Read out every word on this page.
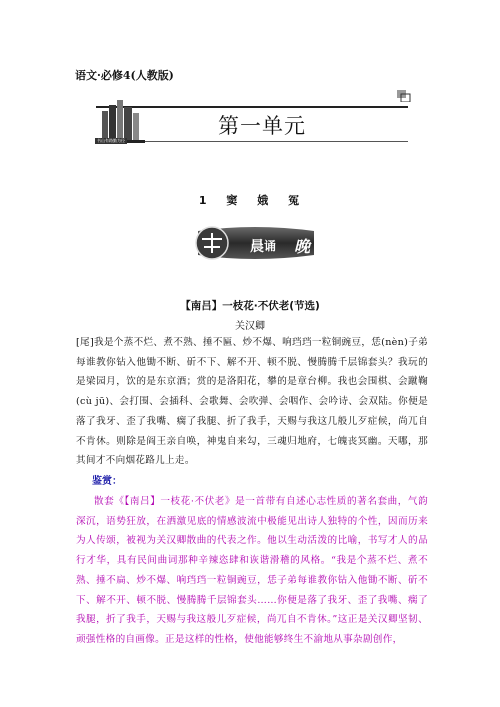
语文·必修4(人教版)
书山有路勤为径
第一单元
1 窦 娥 冤
晨 诵 晚读
【南吕】一枝花·不伏老(节选)
关汉卿
[尾]我是个蒸不烂、煮不熟、捶不匾、炒不爆、响珰珰一粒铜豌豆，恁(nèn)子弟每谁教你钻入他锄不断、斫不下、解不开、顿不脱、慢腾腾千层锦套头？我玩的是梁园月，饮的是东京酒；赏的是洛阳花，攀的是章台柳。我也会围棋、会蹴鞠(cù jū)、会打围、会插科、会歌舞、会吹弹、会咽作、会吟诗、会双陆。你便是落了我牙、歪了我嘴、瘸了我腿、折了我手，天赐与我这几般儿歹症候，尚兀自不肯休。则除是阎王亲自唤，神鬼自来勾，三魂归地府，七魄丧冥幽。天哪，那其间才不向烟花路儿上走。
鉴赏：
散套《【南吕】一枝花·不伏老》是一首带有自述心志性质的著名套曲，气韵深沉，语势狂放，在洒激见底的情感波流中极能见出诗人独特的个性，因而历来为人传颂，被视为关汉卿散曲的代表之作。他以生动活泼的比喻，书写才人的品行才华，具有民间曲词那种辛辣恣肆和诙谐滑稽的风格。“我是个蒸不烂、煮不熟、捶不扁、炒不爆、响珰珰一粒铜豌豆，恁子弟每谁教你钻入他锄不断、斫不下、解不开、顿不脱、慢腾腾千层锦套头……你便是落了我牙、歪了我嘴、瘸了我腿，折了我手，天赐与我这般儿歹症候，尚兀自不肯休。”这正是关汉卿坚韧、顽强性格的自画像。正是这样的性格，使他能够终生不渝地从事杂剧创作，
